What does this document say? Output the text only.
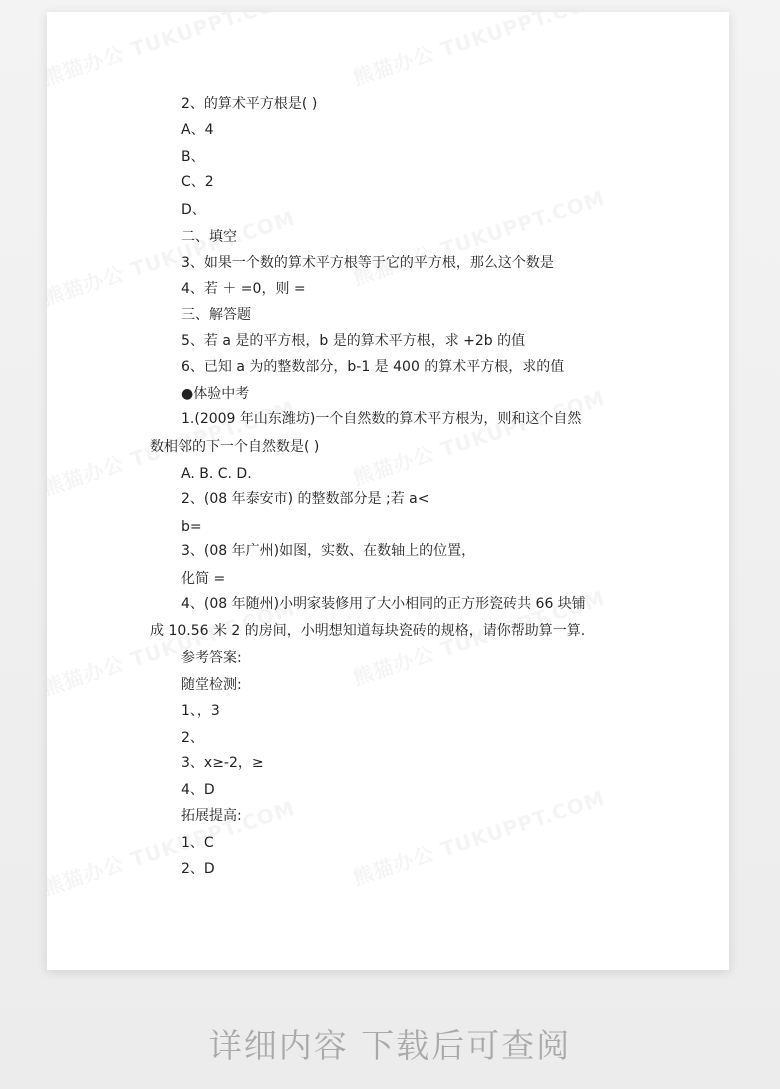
2、的算术平方根是( )
A、4
B、
C、2
D、
二、填空
3、如果一个数的算术平方根等于它的平方根，那么这个数是
4、若 ＋ =0，则 =
三、解答题
5、若 a 是的平方根，b 是的算术平方根，求 +2b 的值
6、已知 a 为的整数部分，b-1 是 400 的算术平方根，求的值
●体验中考
1.(2009 年山东潍坊)一个自然数的算术平方根为，则和这个自然
数相邻的下一个自然数是( )
A. B. C. D.
2、(08 年泰安市) 的整数部分是 ;若 a<
b=
3、(08 年广州)如图，实数、在数轴上的位置，
化简 =
4、(08 年随州)小明家装修用了大小相同的正方形瓷砖共 66 块铺
成 10.56 米 2 的房间，小明想知道每块瓷砖的规格，请你帮助算一算.
参考答案:
随堂检测:
1、，3
2、
3、x≥-2，≥
4、D
拓展提高:
1、C
2、D
详细内容 下载后可查阅
